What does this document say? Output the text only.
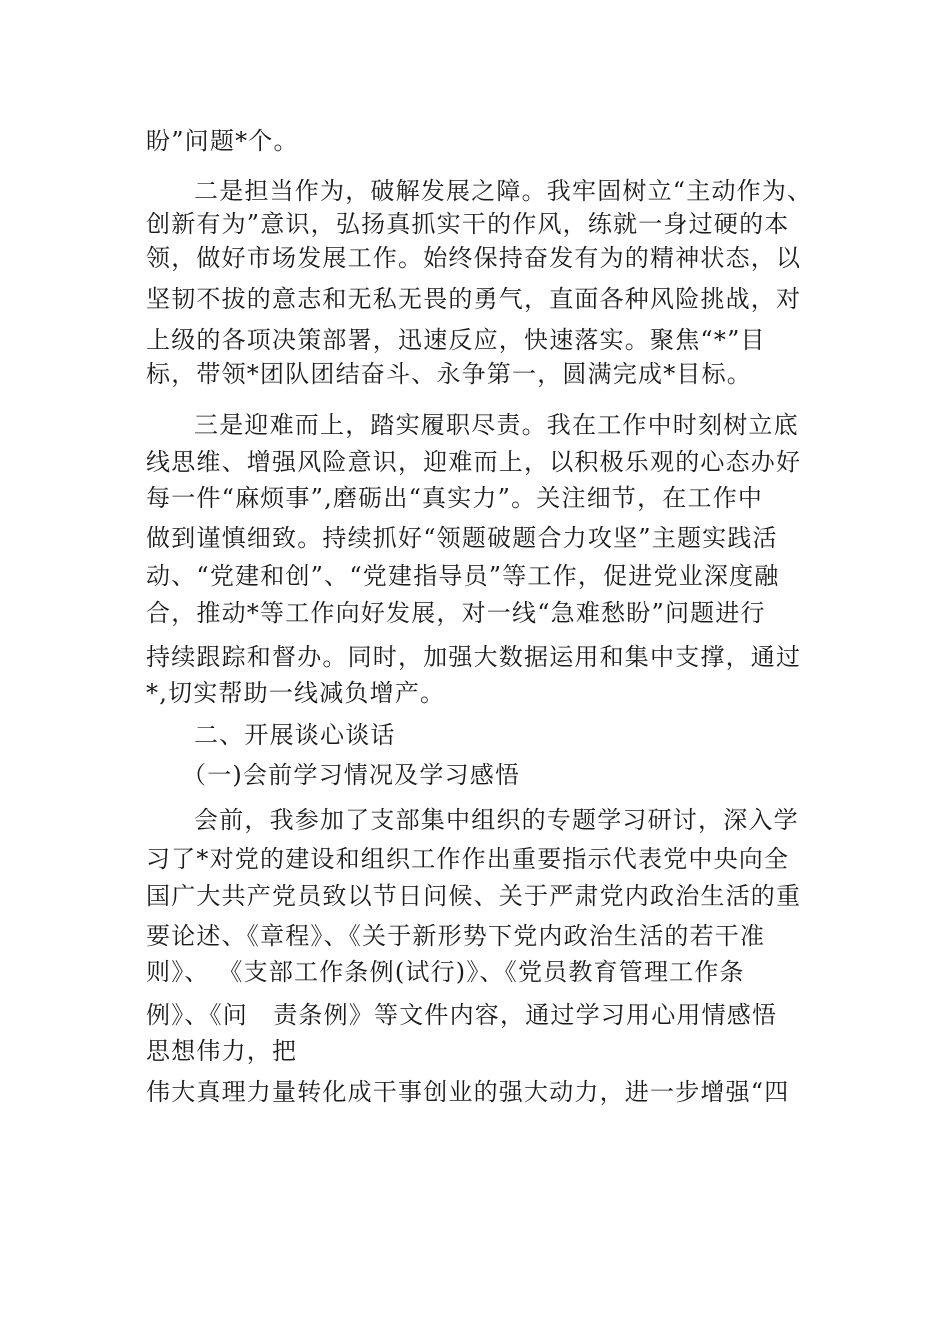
盼”问题*个。
二是担当作为，破解发展之障。我牢固树立“主动作为、
创新有为”意识，弘扬真抓实干的作风，练就一身过硬的本
领，做好市场发展工作。始终保持奋发有为的精神状态，以
坚韧不拔的意志和无私无畏的勇气，直面各种风险挑战，对
上级的各项决策部署，迅速反应，快速落实。聚焦“*”目
标，带领*团队团结奋斗、永争第一，圆满完成*目标。
三是迎难而上，踏实履职尽责。我在工作中时刻树立底
线思维、增强风险意识，迎难而上，以积极乐观的心态办好
每一件“麻烦事”,磨砺出“真实力”。关注细节，在工作中
做到谨慎细致。持续抓好“领题破题合力攻坚”主题实践活
动、“党建和创”、“党建指导员”等工作，促进党业深度融
合，推动*等工作向好发展，对一线“急难愁盼”问题进行
持续跟踪和督办。同时，加强大数据运用和集中支撑，通过
*,切实帮助一线减负增产。
二、开展谈心谈话
（一)会前学习情况及学习感悟
会前，我参加了支部集中组织的专题学习研讨，深入学
习了*对党的建设和组织工作作出重要指示代表党中央向全
国广大共产党员致以节日问候、关于严肃党内政治生活的重
要论述、《章程》、《关于新形势下党内政治生活的若干准
则》、 《支部工作条例(试行)》、《党员教育管理工作条
例》、《问　责条例》等文件内容，通过学习用心用情感悟
思想伟力，把
伟大真理力量转化成干事创业的强大动力，进一步增强“四
